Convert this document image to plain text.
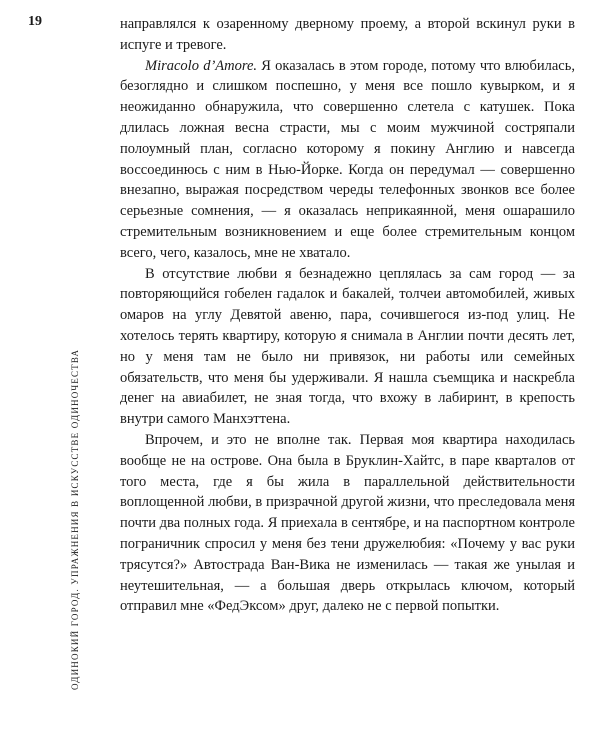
19
ОДИНОКИЙ ГОРОД. УПРАЖНЕНИЯ В ИСКУССТВЕ ОДИНОЧЕСТВА

направлялся к озаренному дверному проему, а второй вскинул руки в испуге и тревоге.

Miracolo d’Amore. Я оказалась в этом городе, потому что влюбилась, безоглядно и слишком поспешно, у меня все пошло кувырком, и я неожиданно обнаружила, что совершенно слетела с катушек. Пока длилась ложная весна страсти, мы с моим мужчиной состряпали полоумный план, согласно которому я покину Англию и навсегда воссоединюсь с ним в Нью-Йорке. Когда он передумал — совершенно внезапно, выражая посредством череды телефонных звонков все более серьезные сомнения, — я оказалась неприкаянной, меня ошарашило стремительным возникновением и еще более стремительным концом всего, чего, казалось, мне не хватало.

В отсутствие любви я безнадежно цеплялась за сам город — за повторяющийся гобелен гадалок и бакалей, толчеи автомобилей, живых омаров на углу Девятой авеню, пара, сочившегося из-под улиц. Не хотелось терять квартиру, которую я снимала в Англии почти десять лет, но у меня там не было ни привязок, ни работы или семейных обязательств, что меня бы удерживали. Я нашла съемщика и наскребла денег на авиабилет, не зная тогда, что вхожу в лабиринт, в крепость внутри самого Манхэттена.

Впрочем, и это не вполне так. Первая моя квартира находилась вообще не на острове. Она была в Бруклин-Хайтс, в паре кварталов от того места, где я бы жила в параллельной действительности воплощенной любви, в призрачной другой жизни, что преследовала меня почти два полных года. Я приехала в сентябре, и на паспортном контроле пограничник спросил у меня без тени дружелюбия: «Почему у вас руки трясутся?» Автострада Ван-Вика не изменилась — такая же унылая и неутешительная, — а большая дверь открылась ключом, который отправил мне «ФедЭксом» друг, далеко не с первой попытки.
